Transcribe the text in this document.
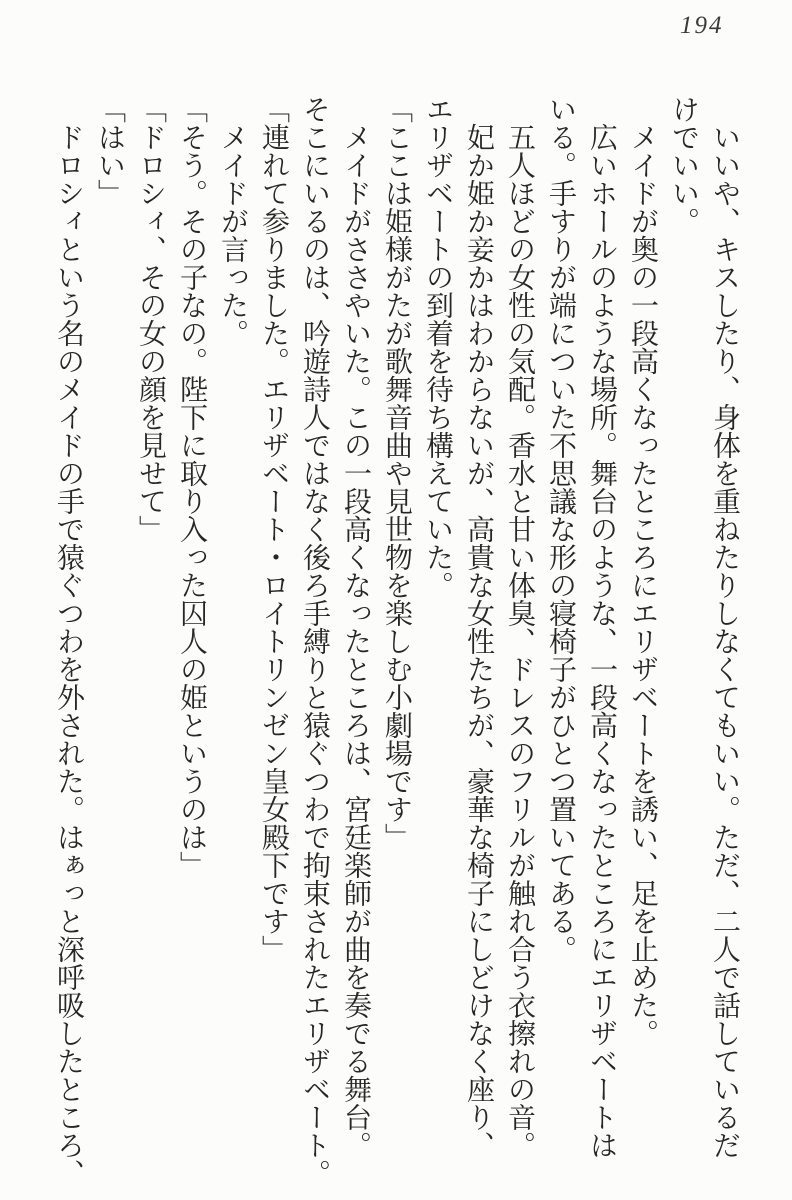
194
いいや、キスしたり、身体を重ねたりしなくてもいい。ただ、二人で話しているだ
けでいい。
メイドが奥の一段高くなったところにエリザベートを誘い、足を止めた。
広いホールのような場所。舞台のような、一段高くなったところにエリザベートは
いる。手すりが端についた不思議な形の寝椅子がひとつ置いてある。
五人ほどの女性の気配。香水と甘い体臭、ドレスのフリルが触れ合う衣擦れの音。
妃か姫か妾かはわからないが、高貴な女性たちが、豪華な椅子にしどけなく座り、
エリザベートの到着を待ち構えていた。
「ここは姫様がたが歌舞音曲や見世物を楽しむ小劇場です」
メイドがささやいた。この一段高くなったところは、宮廷楽師が曲を奏でる舞台。
そこにいるのは、吟遊詩人ではなく後ろ手縛りと猿ぐつわで拘束されたエリザベート。
「連れて参りました。エリザベート・ロイトリンゼン皇女殿下です」
メイドが言った。
「そう。その子なの。陛下に取り入った囚人の姫というのは」
「ドロシィ、その女の顔を見せて」
「はい」
ドロシィという名のメイドの手で猿ぐつわを外された。はぁっと深呼吸したところ、
